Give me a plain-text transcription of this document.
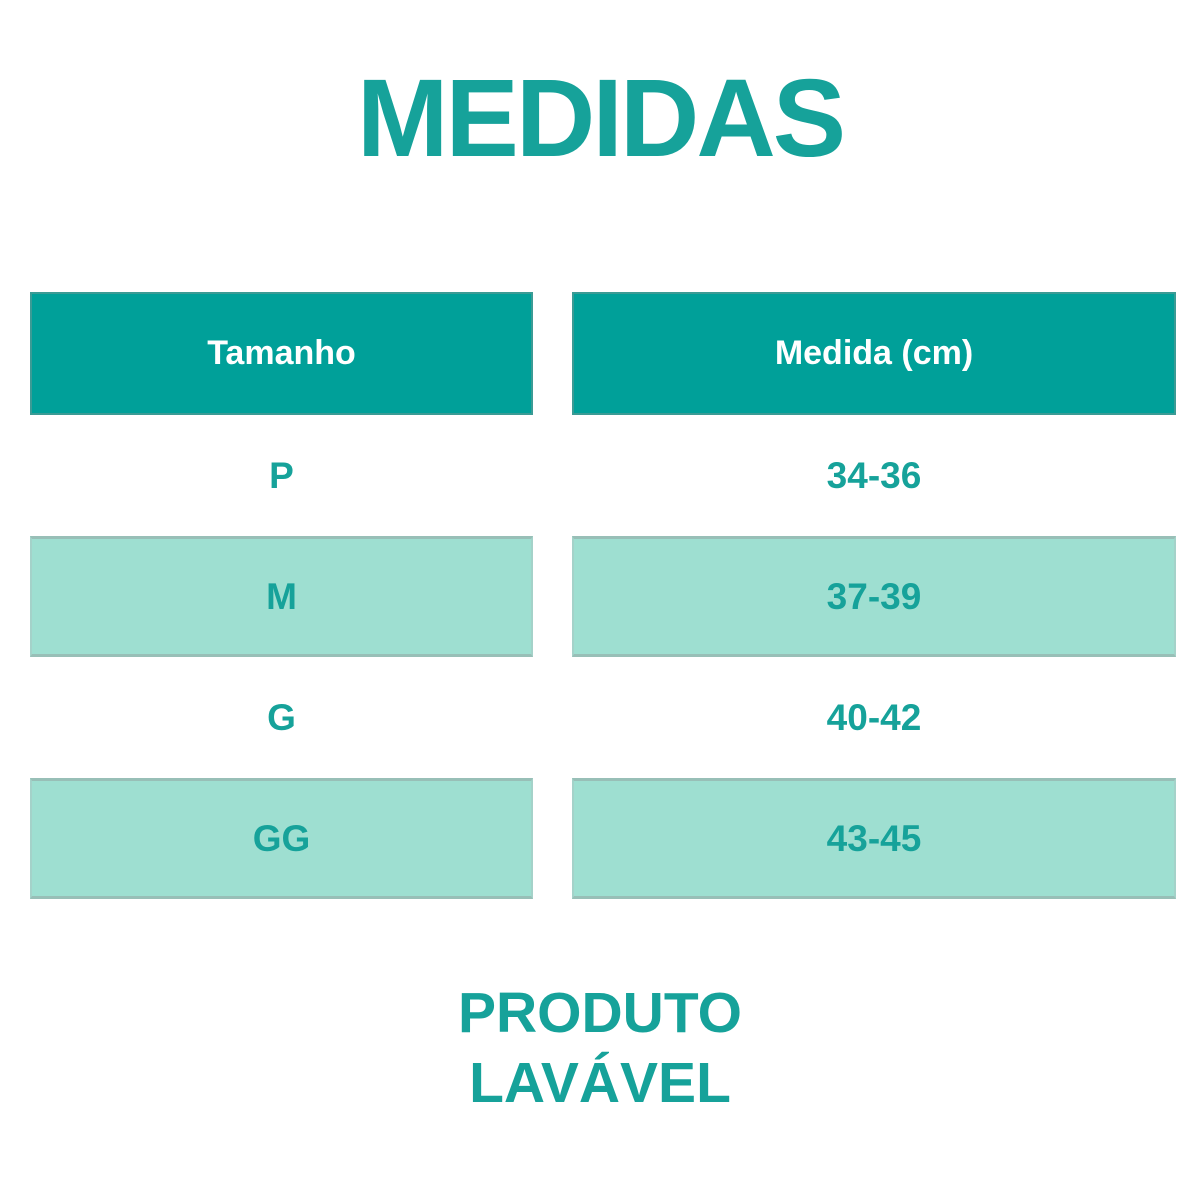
MEDIDAS
Tamanho
P
M
G
GG
Medida (cm)
34-36
37-39
40-42
43-45
PRODUTO
LAVÁVEL
